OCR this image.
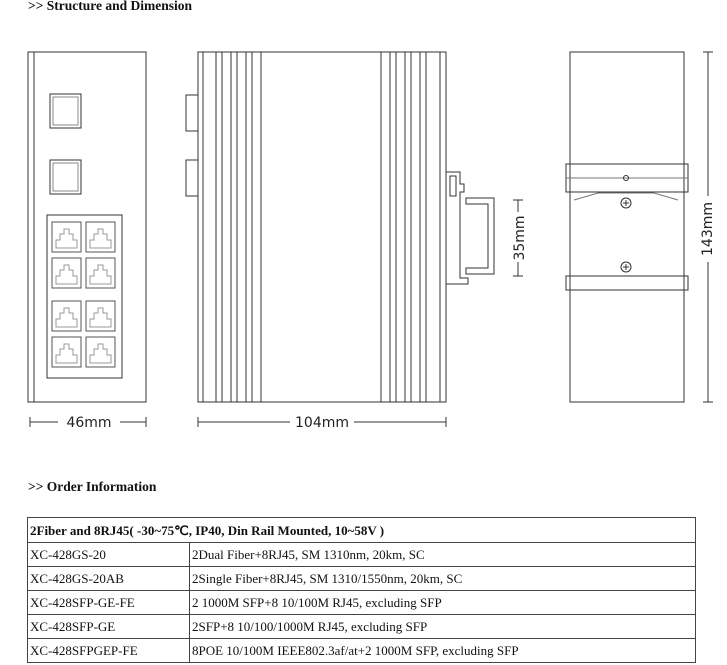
>> Structure and Dimension
46mm	104mm
35mm	143mm
>> Order Information
2Fiber and 8RJ45( -30~75℃, IP40, Din Rail Mounted, 10~58V )	
XC-428GS-20	2Dual Fiber+8RJ45, SM 1310nm, 20km, SC
XC-428GS-20AB	2Single Fiber+8RJ45, SM 1310/1550nm, 20km, SC
XC-428SFP-GE-FE	2 1000M SFP+8 10/100M RJ45, excluding SFP
XC-428SFP-GE	2SFP+8 10/100/1000M RJ45, excluding SFP
XC-428SFPGEP-FE	8POE 10/100M IEEE802.3af/at+2 1000M SFP, excluding SFP
